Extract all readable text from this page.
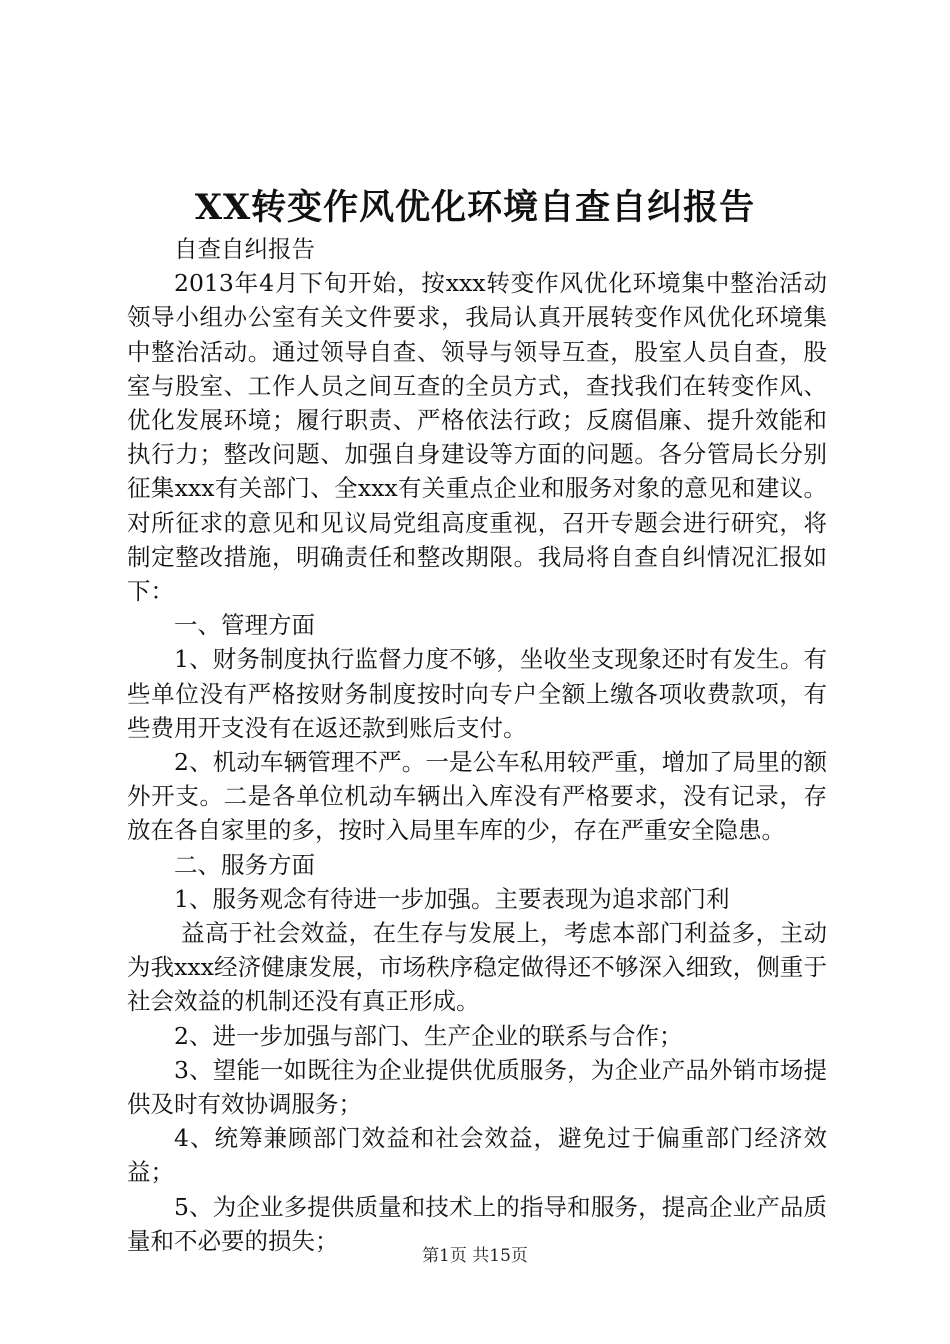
XX转变作风优化环境自查自纠报告

自查自纠报告

2013年4月下旬开始，按xxx转变作风优化环境集中整治活动领导小组办公室有关文件要求，我局认真开展转变作风优化环境集中整治活动。通过领导自查、领导与领导互查，股室人员自查，股室与股室、工作人员之间互查的全员方式，查找我们在转变作风、优化发展环境；履行职责、严格依法行政；反腐倡廉、提升效能和执行力；整改问题、加强自身建设等方面的问题。各分管局长分别征集xxx有关部门、全xxx有关重点企业和服务对象的意见和建议。对所征求的意见和见议局党组高度重视，召开专题会进行研究，将制定整改措施，明确责任和整改期限。我局将自查自纠情况汇报如下：

一、管理方面

1、财务制度执行监督力度不够，坐收坐支现象还时有发生。有些单位没有严格按财务制度按时向专户全额上缴各项收费款项，有些费用开支没有在返还款到账后支付。

2、机动车辆管理不严。一是公车私用较严重，增加了局里的额外开支。二是各单位机动车辆出入库没有严格要求，没有记录，存放在各自家里的多，按时入局里车库的少，存在严重安全隐患。

二、服务方面

1、服务观念有待进一步加强。主要表现为追求部门利

益高于社会效益，在生存与发展上，考虑本部门利益多，主动为我xxx经济健康发展，市场秩序稳定做得还不够深入细致，侧重于社会效益的机制还没有真正形成。

2、进一步加强与部门、生产企业的联系与合作；

3、望能一如既往为企业提供优质服务，为企业产品外销市场提供及时有效协调服务；

4、统筹兼顾部门效益和社会效益，避免过于偏重部门经济效益；

5、为企业多提供质量和技术上的指导和服务，提高企业产品质量和不必要的损失；

第1页 共15页
